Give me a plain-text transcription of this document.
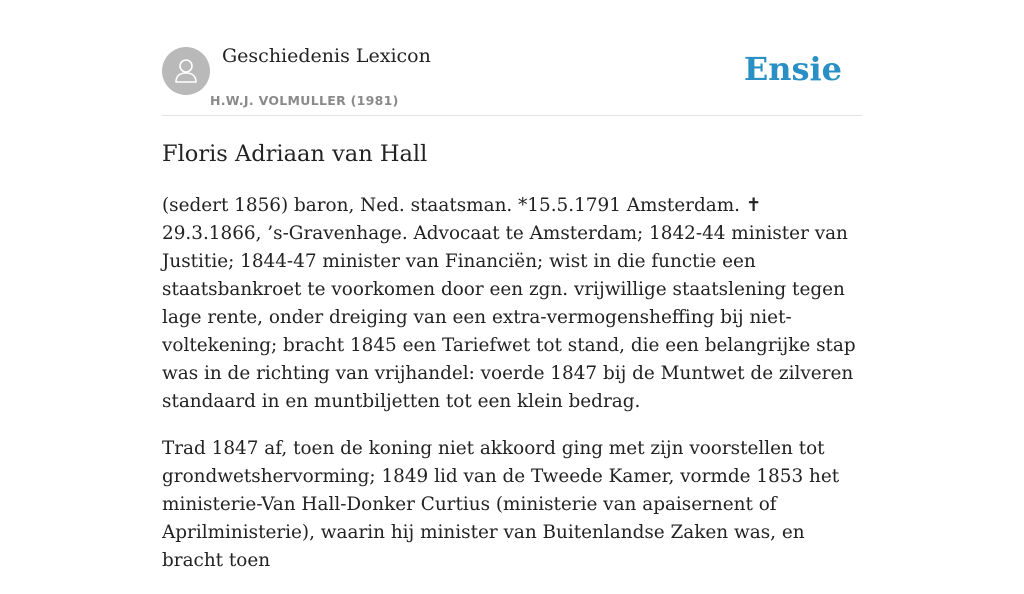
Geschiedenis Lexicon
H.W.J. VOLMULLER (1981)
Ensie
Floris Adriaan van Hall

(sedert 1856) baron, Ned. staatsman. *15.5.1791 Amsterdam. ✝ 29.3.1866, ’s-Gravenhage. Advocaat te Amsterdam; 1842-44 minister van Justitie; 1844-47 minister van Financiën; wist in die functie een staatsbankroet te voorkomen door een zgn. vrijwillige staatslening tegen lage rente, onder dreiging van een extra-vermogensheffing bij niet-voltekening; bracht 1845 een Tariefwet tot stand, die een belangrijke stap was in de richting van vrijhandel: voerde 1847 bij de Muntwet de zilveren standaard in en muntbiljetten tot een klein bedrag.

Trad 1847 af, toen de koning niet akkoord ging met zijn voorstellen tot grondwetshervorming; 1849 lid van de Tweede Kamer, vormde 1853 het ministerie-Van Hall-Donker Curtius (ministerie van apaisernent of Aprilministerie), waarin hij minister van Buitenlandse Zaken was, en bracht toen
